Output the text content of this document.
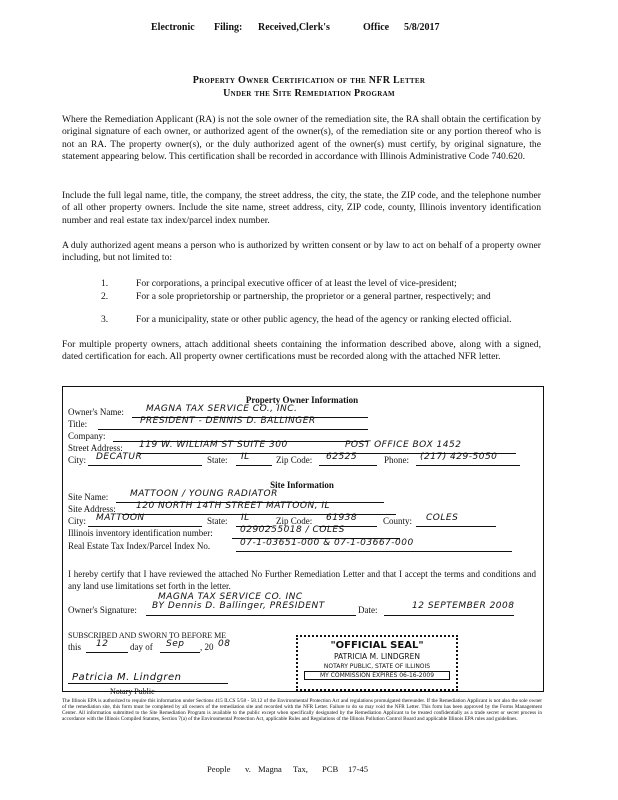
Electronic Filing: Received,Clerk's	Office 5/8/2017
Property Owner Certification of the NFR Letter
Under the Site Remediation Program
Where the Remediation Applicant (RA) is not the sole owner of the remediation site, the RA shall obtain the certification by original signature of each owner, or authorized agent of the owner(s), of the remediation site or any portion thereof who is not an RA. The property owner(s), or the duly authorized agent of the owner(s) must certify, by original signature, the statement appearing below. This certification shall be recorded in accordance with Illinois Administrative Code 740.620.
Include the full legal name, title, the company, the street address, the city, the state, the ZIP code, and the telephone number of all other property owners. Include the site name, street address, city, ZIP code, county, Illinois inventory identification number and real estate tax index/parcel index number.
A duly authorized agent means a person who is authorized by written consent or by law to act on behalf of a property owner including, but not limited to:
1.	For corporations, a principal executive officer of at least the level of vice-president;
2.	For a sole proprietorship or partnership, the proprietor or a general partner, respectively; and
3.	For a municipality, state or other public agency, the head of the agency or ranking elected official.
For multiple property owners, attach additional sheets containing the information described above, along with a signed, dated certification for each. All property owner certifications must be recorded along with the attached NFR letter.
Property Owner Information
Owner's Name: MAGNA TAX SERVICE CO., INC.
Title:	PRESIDENT - DENNIS D. BALLINGER
Company:
Street Address: 119 W. WILLIAM ST SUITE 300	POST OFFICE BOX 1452
City: DECATUR	State: IL	Zip Code: 62525	Phone: (217) 429-5050
Site Information
Site Name: MATTOON / YOUNG RADIATOR
Site Address: 120 NORTH 14TH STREET MATTOON, IL
City: MATTOON	State: IL	Zip Code: 61938	County: COLES
Illinois inventory identification number:	0290255018 / COLES
Real Estate Tax Index/Parcel Index No.	07-1-03651-000 & 07-1-03667-000
I hereby certify that I have reviewed the attached No Further Remediation Letter and that I accept the terms and conditions and any land use limitations set forth in the letter.
MAGNA TAX SERVICE CO. INC
Owner's Signature: BY Dennis D. Ballinger, PRESIDENT	Date:	12 SEPTEMBER 2008
SUBSCRIBED AND SWORN TO BEFORE ME
this 12 day of Sep , 20 08
Patricia M. Lindgren
Notary Public
"OFFICIAL SEAL"
PATRICIA M. LINDGREN
NOTARY PUBLIC, STATE OF ILLINOIS
MY COMMISSION EXPIRES 06-16-2009
The Illinois EPA is authorized to require this information under Sections 415 ILCS 5/58 - 58.12 of the Environmental Protection Act and regulations promulgated thereunder. If the Remediation Applicant is not also the sole owner of the remediation site, this form must be completed by all owners of the remediation site and recorded with the NFR Letter. Failure to do so may void the NFR Letter. This form has been approved by the Forms Management Center. All information submitted to the Site Remediation Program is available to the public except when specifically designated by the Remediation Applicant to be treated confidentially as a trade secret or secret process in accordance with the Illinois Compiled Statutes, Section 7(a) of the Environmental Protection Act, applicable Rules and Regulations of the Illinois Pollution Control Board and applicable Illinois EPA rules and guidelines.
People v. Magna Tax, PCB 17-45
